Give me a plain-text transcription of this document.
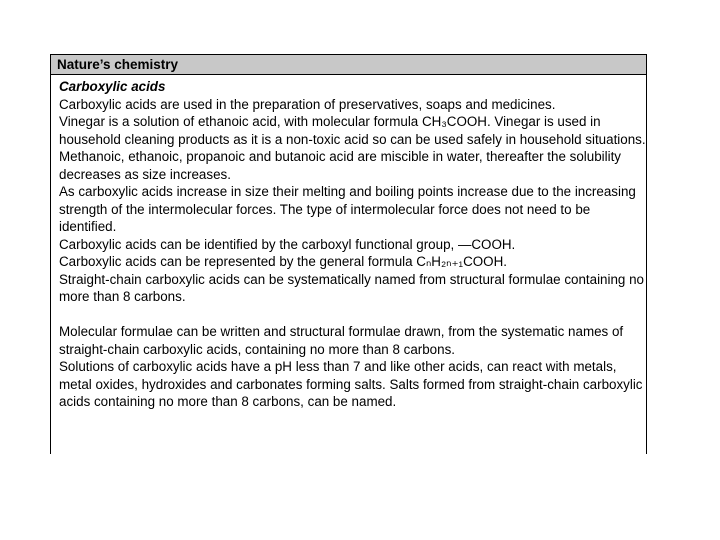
Nature’s chemistry
Carboxylic acids

Carboxylic acids are used in the preparation of preservatives, soaps and medicines.

Vinegar is a solution of ethanoic acid, with molecular formula CH₃COOH. Vinegar is used in household cleaning products as it is a non-toxic acid so can be used safely in household situations.

Methanoic, ethanoic, propanoic and butanoic acid are miscible in water, thereafter the solubility decreases as size increases.

As carboxylic acids increase in size their melting and boiling points increase due to the increasing strength of the intermolecular forces. The type of intermolecular force does not need to be identified.

Carboxylic acids can be identified by the carboxyl functional group, —COOH.

Carboxylic acids can be represented by the general formula CₙH₂ₙ₊₁COOH.

Straight-chain carboxylic acids can be systematically named from structural formulae containing no more than 8 carbons.

Molecular formulae can be written and structural formulae drawn, from the systematic names of straight-chain carboxylic acids, containing no more than 8 carbons.

Solutions of carboxylic acids have a pH less than 7 and like other acids, can react with metals, metal oxides, hydroxides and carbonates forming salts. Salts formed from straight-chain carboxylic acids containing no more than 8 carbons, can be named.
